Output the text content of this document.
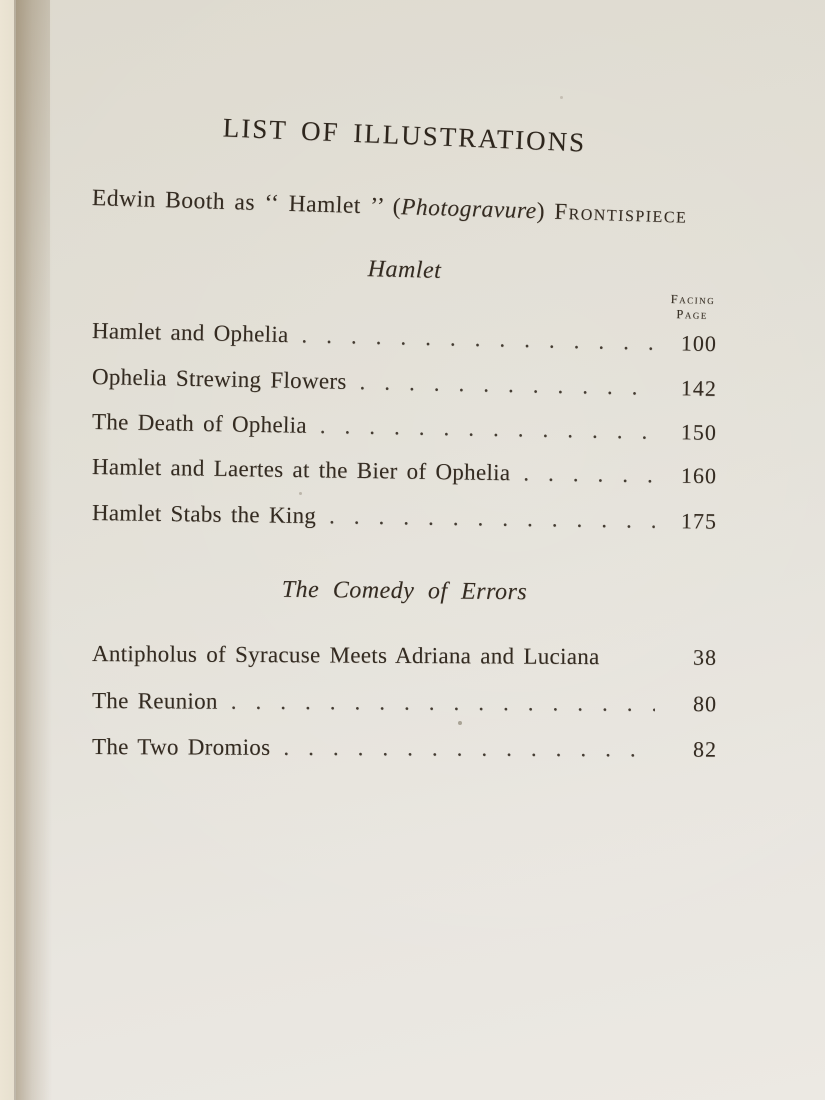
LIST OF ILLUSTRATIONS
Edwin Booth as ‘‘ Hamlet ’’ (Photogravure) Frontispiece
Hamlet
Facing
Page
Hamlet and Ophelia .....	100
Ophelia Strewing Flowers .....	142
The Death of Ophelia .....	150
Hamlet and Laertes at the Bier of Ophelia .....	160
Hamlet Stabs the King .....	175
The Comedy of Errors
Antipholus of Syracuse Meets Adriana and Luciana	38
The Reunion .....	80
The Two Dromios .....	82
